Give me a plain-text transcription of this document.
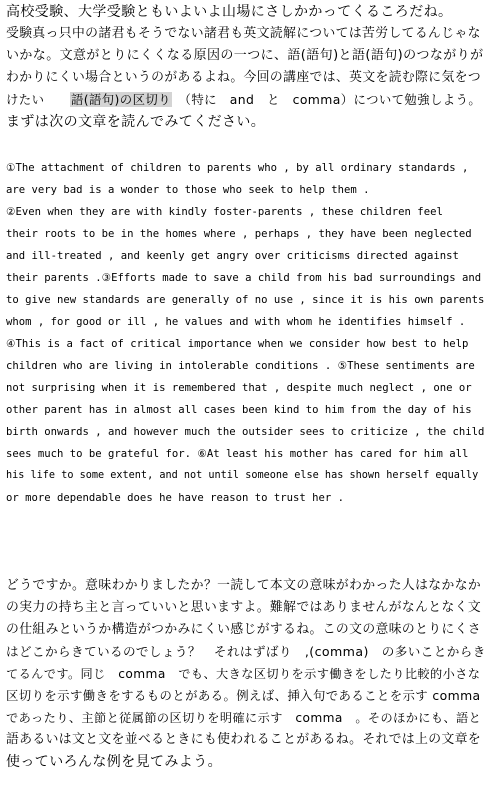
高校受験、大学受験ともいよいよ山場にさしかかってくるころだね。
受験真っ只中の諸君もそうでない諸君も英文読解については苦労してるんじゃな
いかな。文意がとりにくくなる原因の一つに、語(語句)と語(語句)のつながりが
わかりにくい場合というのがあるよね。今回の講座では、英文を読む際に気をつ
けたい　　語(語句)の区切り　（特に　and　と　comma）について勉強しよう。
まずは次の文章を読んでみてください。
①The attachment of children to parents who , by all ordinary standards ,
are very bad is a wonder to those who seek to help them .
②Even when they are with kindly foster-parents , these children feel
their roots to be in the homes where , perhaps , they have been neglected
and ill-treated , and keenly get angry over criticisms directed against
their parents .③Efforts made to save a child from his bad surroundings and
to give new standards are generally of no use , since it is his own parents
whom , for good or ill , he values and with whom he identifies himself .
④This is a fact of critical importance when we consider how best to help
children who are living in intolerable conditions . ⑤These sentiments are
not surprising when it is remembered that , despite much neglect , one or
other parent has in almost all cases been kind to him from the day of his
birth onwards , and however much the outsider sees to criticize , the child
sees much to be grateful for. ⑥At least his mother has cared for him all
his life to some extent, and not until someone else has shown herself equally
or more dependable does he have reason to trust her .
どうですか。意味わかりましたか？一読して本文の意味がわかった人はなかなか
の実力の持ち主と言っていいと思いますよ。難解ではありませんがなんとなく文
の仕組みというか構造がつかみにくい感じがするね。この文の意味のとりにくさ
はどこからきているのでしょう？　それはずばり　,(comma)　の多いことからき
てるんです。同じ　comma　でも、大きな区切りを示す働きをしたり比較的小さな
区切りを示す働きをするものとがある。例えば、挿入句であることを示す comma
であったり、主節と従属節の区切りを明確に示す　comma　。そのほかにも、語と
語あるいは文と文を並べるときにも使われることがあるね。それでは上の文章を
使っていろんな例を見てみよう。
